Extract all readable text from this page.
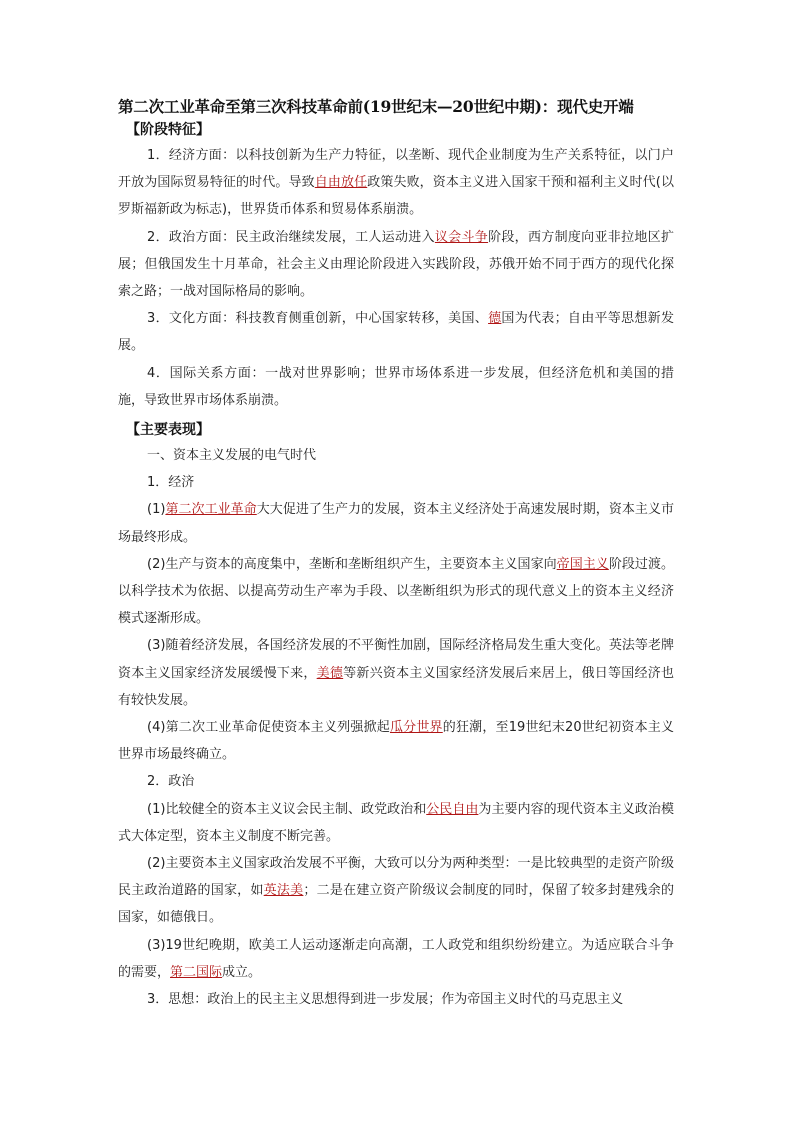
第二次工业革命至第三次科技革命前(19世纪末—20世纪中期)：现代史开端

【阶段特征】

1．经济方面：以科技创新为生产力特征，以垄断、现代企业制度为生产关系特征，以门户开放为国际贸易特征的时代。导致自由放任政策失败，资本主义进入国家干预和福利主义时代(以罗斯福新政为标志)，世界货币体系和贸易体系崩溃。

2．政治方面：民主政治继续发展，工人运动进入议会斗争阶段，西方制度向亚非拉地区扩展；但俄国发生十月革命，社会主义由理论阶段进入实践阶段，苏俄开始不同于西方的现代化探索之路；一战对国际格局的影响。

3．文化方面：科技教育侧重创新，中心国家转移，美国、德国为代表；自由平等思想新发展。

4．国际关系方面：一战对世界影响；世界市场体系进一步发展，但经济危机和美国的措施，导致世界市场体系崩溃。

【主要表现】

一、资本主义发展的电气时代

1．经济

(1)第二次工业革命大大促进了生产力的发展，资本主义经济处于高速发展时期，资本主义市场最终形成。

(2)生产与资本的高度集中，垄断和垄断组织产生，主要资本主义国家向帝国主义阶段过渡。以科学技术为依据、以提高劳动生产率为手段、以垄断组织为形式的现代意义上的资本主义经济模式逐渐形成。

(3)随着经济发展，各国经济发展的不平衡性加剧，国际经济格局发生重大变化。英法等老牌资本主义国家经济发展缓慢下来，美德等新兴资本主义国家经济发展后来居上，俄日等国经济也有较快发展。

(4)第二次工业革命促使资本主义列强掀起瓜分世界的狂潮，至19世纪末20世纪初资本主义世界市场最终确立。

2．政治

(1)比较健全的资本主义议会民主制、政党政治和公民自由为主要内容的现代资本主义政治模式大体定型，资本主义制度不断完善。

(2)主要资本主义国家政治发展不平衡，大致可以分为两种类型：一是比较典型的走资产阶级民主政治道路的国家，如英法美；二是在建立资产阶级议会制度的同时，保留了较多封建残余的国家，如德俄日。

(3)19世纪晚期，欧美工人运动逐渐走向高潮，工人政党和组织纷纷建立。为适应联合斗争的需要，第二国际成立。

3．思想：政治上的民主主义思想得到进一步发展；作为帝国主义时代的马克思主义
